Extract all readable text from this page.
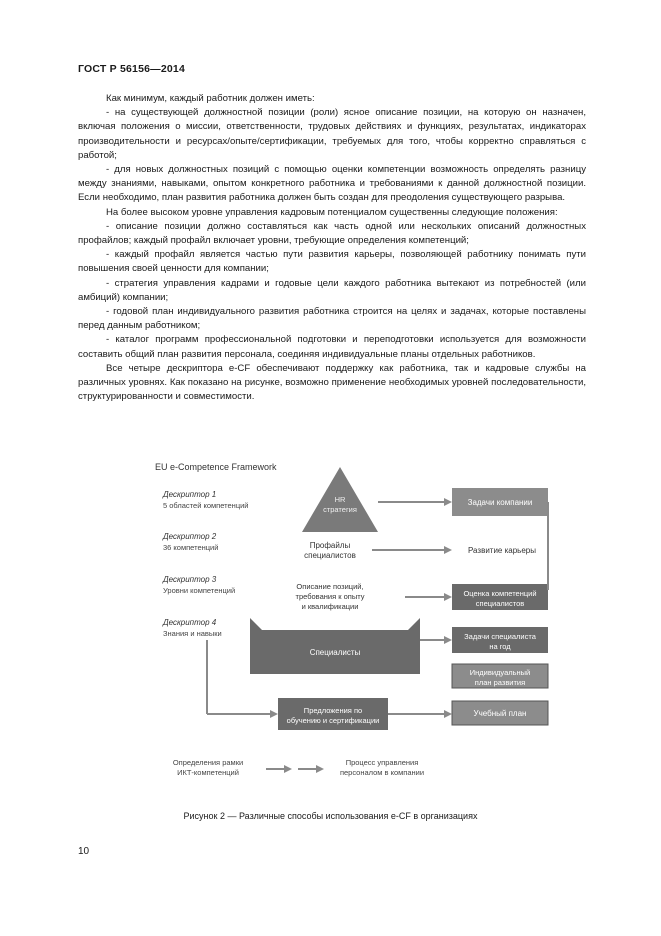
ГОСТ Р 56156—2014

Как минимум, каждый работник должен иметь:

- на существующей должностной позиции (роли) ясное описание позиции, на которую он назначен, включая положения о миссии, ответственности, трудовых действиях и функциях, результатах, индикаторах производительности и ресурсах/опыте/сертификации, требуемых для того, чтобы корректно справляться с работой;

- для новых должностных позиций с помощью оценки компетенции возможность определять разницу между знаниями, навыками, опытом конкретного работника и требованиями к данной должностной позиции. Если необходимо, план развития работника должен быть создан для преодоления существующего разрыва.

На более высоком уровне управления кадровым потенциалом существенны следующие положения:

- описание позиции должно составляться как часть одной или нескольких описаний должностных профайлов; каждый профайл включает уровни, требующие определения компетенций;

- каждый профайл является частью пути развития карьеры, позволяющей работнику понимать пути повышения своей ценности для компании;

- стратегия управления кадрами и годовые цели каждого работника вытекают из потребностей (или амбиций) компании;

- годовой план индивидуального развития работника строится на целях и задачах, которые поставлены перед данным работником;

- каталог программ профессиональной подготовки и переподготовки используется для возможности составить общий план развития персонала, соединяя индивидуальные планы отдельных работников.

Все четыре дескриптора e-CF обеспечивают поддержку как работника, так и кадровые службы на различных уровнях. Как показано на рисунке, возможно применение необходимых уровней последовательности, структурированности и совместимости.

EU e-Competence Framework
Дескриптор 1
5 областей компетенций
Дескриптор 2
36 компетенций
Дескриптор 3
Уровни компетенций
Дескриптор 4
Знания и навыки
HR стратегия
Задачи компании
Профайлы специалистов
Развитие карьеры
Описание позиций, требования к опыту и квалификации
Оценка компетенций специалистов
Специалисты
Задачи специалиста на год
Индивидуальный план развития
Предложения по обучению и сертификации
Учебный план
Определения рамки ИКТ-компетенций
Процесс управления персоналом в компании
Рисунок 2 — Различные способы использования e-CF в организациях
10
